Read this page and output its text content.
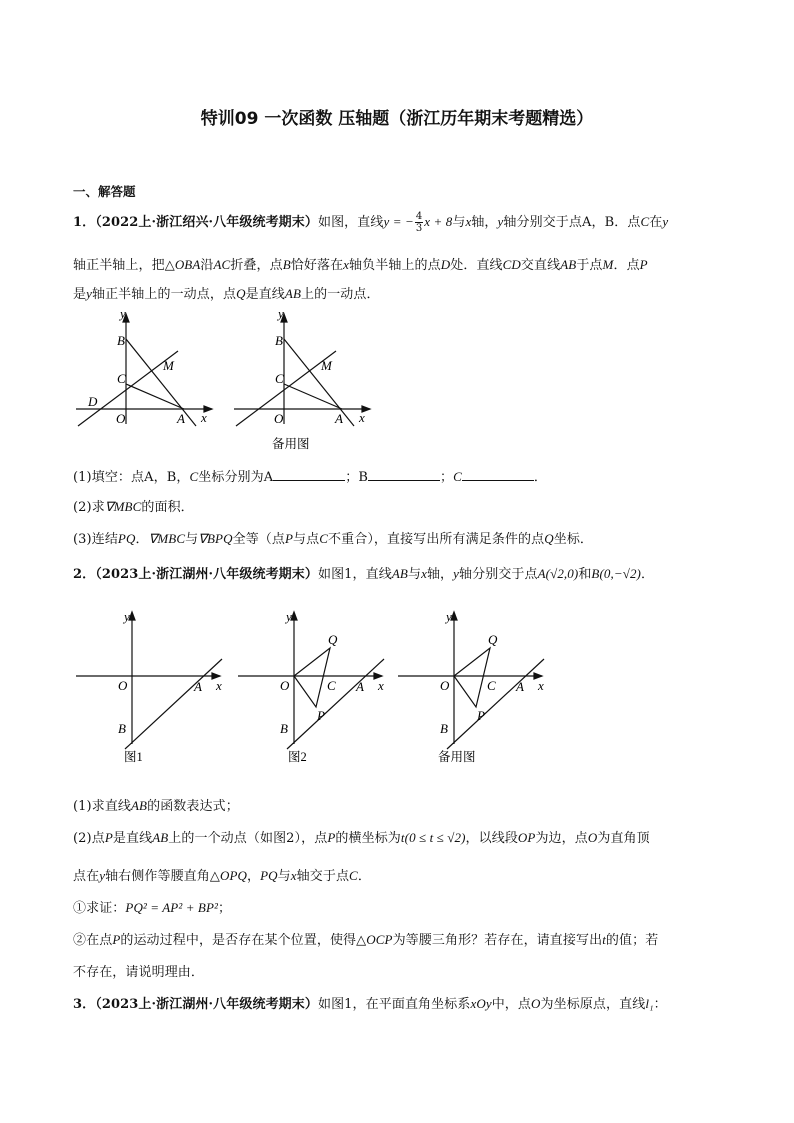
特训09 一次函数 压轴题（浙江历年期末考题精选）
一、解答题
1．（2022上·浙江绍兴·八年级统考期末）如图，直线y = − $\frac{4}{3}$ x + 8与x轴，y轴分别交于点A，B．点C在y
轴正半轴上，把△OBA沿AC折叠，点B恰好落在x轴负半轴上的点D处．直线CD交直线AB于点M．点P
是y轴正半轴上的一动点，点Q是直线AB上的一动点．
y
B
C
M
D
O	A x
y
B
C
M
O	A x
备用图
(1)填空：点A，B，C坐标分别为A	；B	；C	．
(2)求∇MBC的面积．
(3)连结PQ．∇MBC与∇BPQ全等（点P与点C不重合），直接写出所有满足条件的点Q坐标．
2．（2023上·浙江湖州·八年级统考期末）如图1，直线AB与x轴，y轴分别交于点A(√2,0)和B(0,−√2)．
y
O	A x
B
图1
y
Q
O	C A x
P
B
图2
y
Q
O	C A x
P
B
备用图
(1)求直线AB的函数表达式；
(2)点P是直线AB上的一个动点（如图2），点P的横坐标为t(0 ≤ t ≤ √2)，以线段OP为边，点O为直角顶
点在y轴右侧作等腰直角△OPQ，PQ与x轴交于点C．
①求证：PQ² = AP² + BP²；
②在点P的运动过程中，是否存在某个位置，使得△OCP为等腰三角形？若存在，请直接写出t的值；若
不存在，请说明理由．
3．（2023上·浙江湖州·八年级统考期末）如图1，在平面直角坐标系xOy中，点O为坐标原点，直线l₁：
